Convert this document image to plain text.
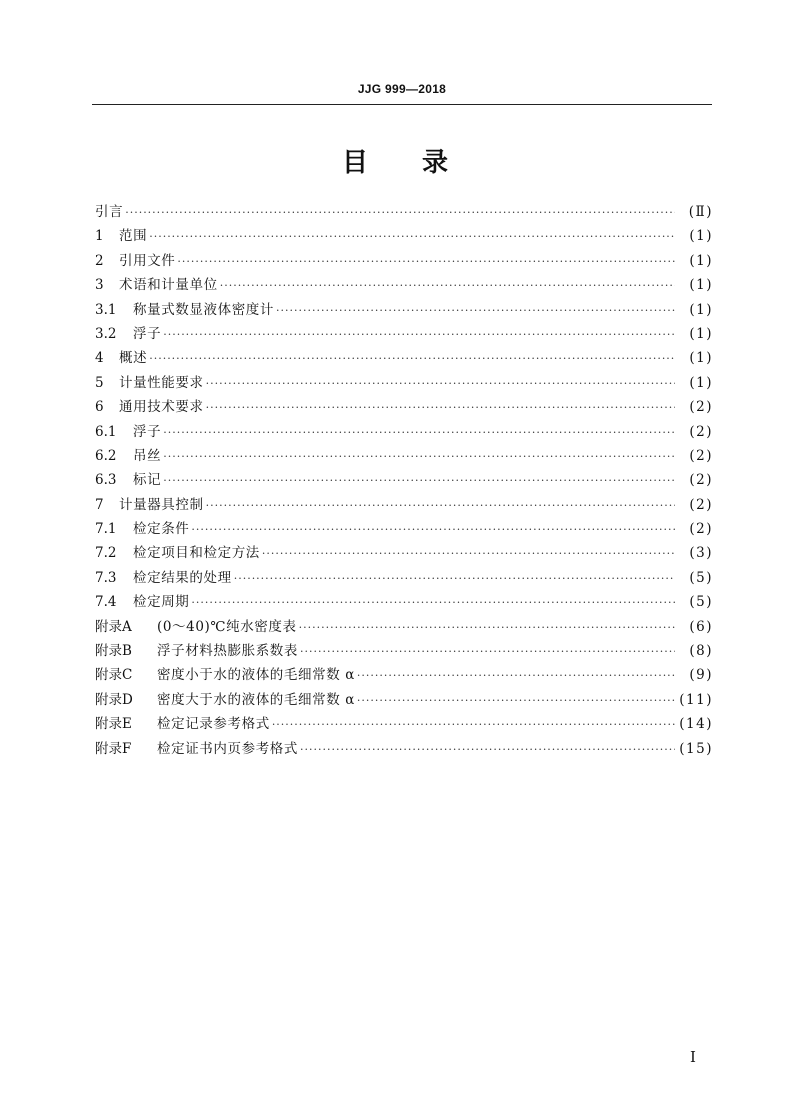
JJG 999—2018
目 录
引言 ·····	(Ⅱ)
1	范围 ·····	(1)
2	引用文件 ·····	(1)
3	术语和计量单位 ·····	(1)
3.1	称量式数显液体密度计 ·····	(1)
3.2	浮子 ·····	(1)
4	概述 ·····	(1)
5	计量性能要求 ·····	(1)
6	通用技术要求 ·····	(2)
6.1	浮子 ·····	(2)
6.2	吊丝 ·····	(2)
6.3	标记 ·····	(2)
7	计量器具控制 ·····	(2)
7.1	检定条件 ·····	(2)
7.2	检定项目和检定方法 ·····	(3)
7.3	检定结果的处理 ·····	(5)
7.4	检定周期 ·····	(5)
附录A	(0～40)℃纯水密度表 ·····	(6)
附录B	浮子材料热膨胀系数表 ·····	(8)
附录C	密度小于水的液体的毛细常数 α ·····	(9)
附录D	密度大于水的液体的毛细常数 α ·····	(11)
附录E	检定记录参考格式 ·····	(14)
附录F	检定证书内页参考格式 ·····	(15)
I
